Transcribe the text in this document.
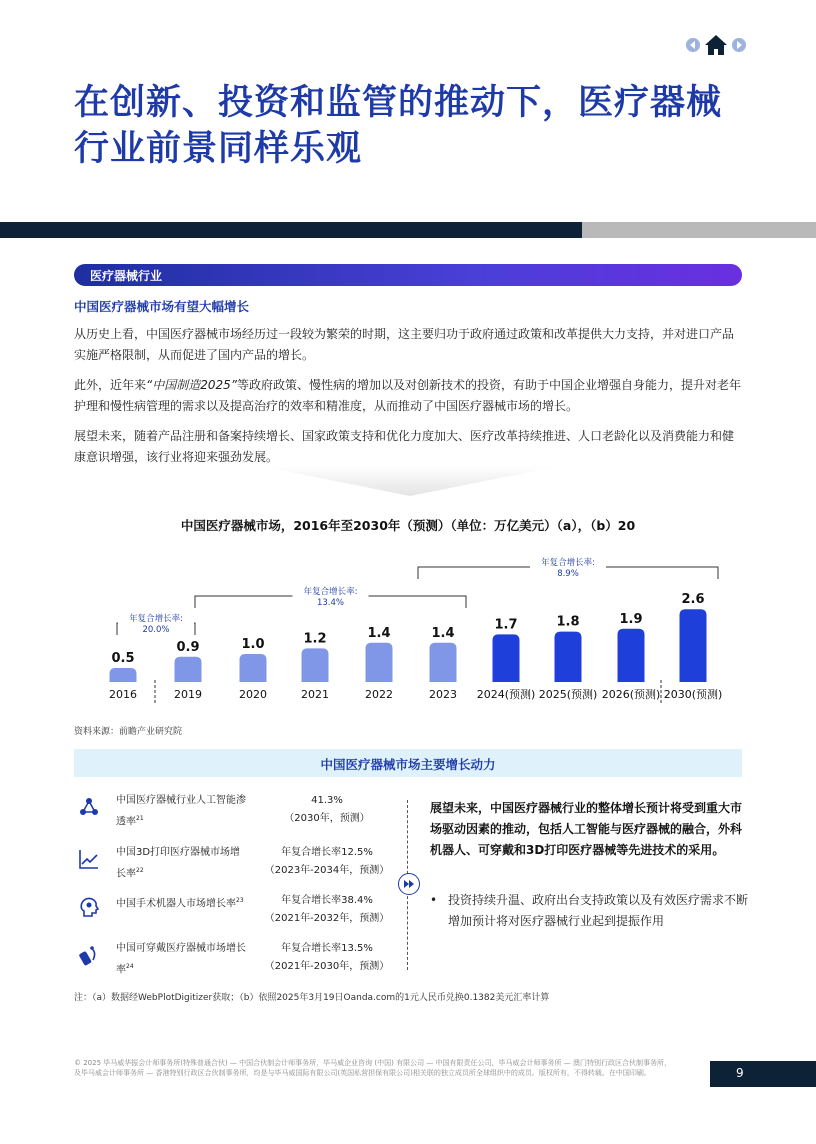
在创新、投资和监管的推动下，医疗器械行业前景同样乐观
医疗器械行业
中国医疗器械市场有望大幅增长
从历史上看，中国医疗器械市场经历过一段较为繁荣的时期，这主要归功于政府通过政策和改革提供大力支持，并对进口产品实施严格限制，从而促进了国内产品的增长。
此外，近年来“中国制造2025”等政府政策、慢性病的增加以及对创新技术的投资，有助于中国企业增强自身能力，提升对老年护理和慢性病管理的需求以及提高治疗的效率和精准度，从而推动了中国医疗器械市场的增长。
展望未来，随着产品注册和备案持续增长、国家政策支持和优化力度加大、医疗改革持续推进、人口老龄化以及消费能力和健康意识增强，该行业将迎来强劲发展。
中国医疗器械市场，2016年至2030年（预测）（单位：万亿美元）（a），（b）20
0.5
2016
0.9
2019
1.0
2020
1.2
2021
1.4
2022
1.4
2023
1.7
2024(预测)
1.8
2025(预测)
1.9
2026(预测)
2.6
2030(预测)
年复合增长率:
20.0%
年复合增长率:
13.4%
年复合增长率:
8.9%
资料来源：前瞻产业研究院
中国医疗器械市场主要增长动力
中国医疗器械行业人工智能渗透率$^{21}$
41.3%
（2030年，预测）
中国3D打印医疗器械市场增长率$^{22}$
年复合增长率12.5%
（2023年-2034年，预测）
中国手术机器人市场增长率$^{23}$	年复合增长率38.4%
（2021年-2032年，预测）
中国可穿戴医疗器械市场增长率$^{24}$
年复合增长率13.5%
（2021年-2030年，预测）
展望未来，中国医疗器械行业的整体增长预计将受到重大市场驱动因素的推动，包括人工智能与医疗器械的融合，外科机器人、可穿戴和3D打印医疗器械等先进技术的采用。
• 投资持续升温、政府出台支持政策以及有效医疗需求不断增加预计将对医疗器械行业起到提振作用
注：（a）数据经WebPlotDigitizer获取；（b）依照2025年3月19日Oanda.com的1元人民币兑换0.1382美元汇率计算
© 2025 毕马威华振会计师事务所(特殊普通合伙) — 中国合伙制会计师事务所，毕马威企业咨询 (中国) 有限公司 — 中国有限责任公司，毕马威会计师事务所 — 澳门特别行政区合伙制事务所，及毕马威会计师事务所 — 香港特别行政区合伙制事务所，均是与毕马威国际有限公司(英国私营担保有限公司)相关联的独立成员所全球组织中的成员。版权所有，不得转载。在中国印刷。	9
